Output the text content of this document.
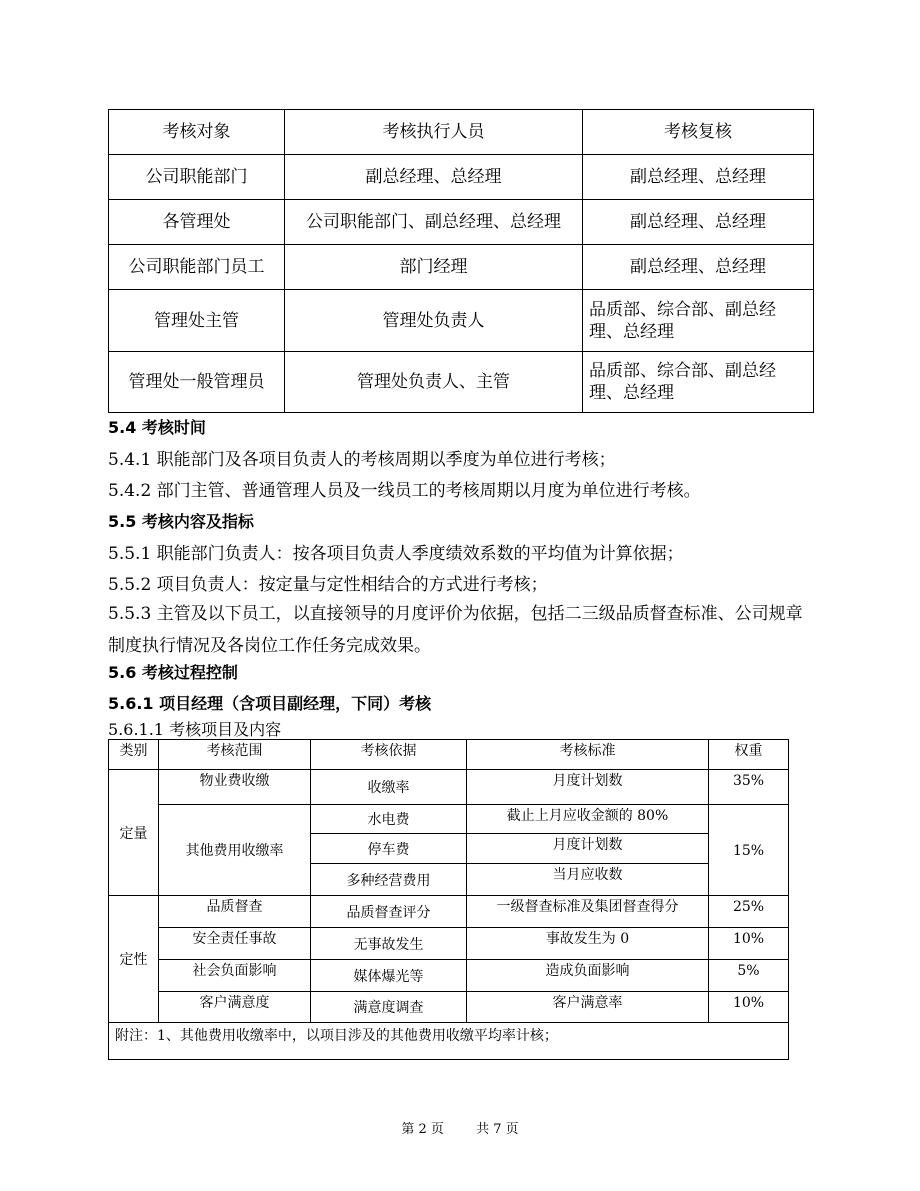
考核对象	考核执行人员	考核复核
公司职能部门	副总经理、总经理	副总经理、总经理
各管理处	公司职能部门、副总经理、总经理	副总经理、总经理
公司职能部门员工	部门经理	副总经理、总经理
管理处主管	管理处负责人	品质部、综合部、副总经理、总经理
管理处一般管理员	管理处负责人、主管	品质部、综合部、副总经理、总经理
5.4 考核时间
5.4.1 职能部门及各项目负责人的考核周期以季度为单位进行考核；
5.4.2 部门主管、普通管理人员及一线员工的考核周期以月度为单位进行考核。
5.5 考核内容及指标
5.5.1 职能部门负责人：按各项目负责人季度绩效系数的平均值为计算依据；
5.5.2 项目负责人：按定量与定性相结合的方式进行考核；
5.5.3 主管及以下员工，以直接领导的月度评价为依据，包括二三级品质督查标准、公司规章制度执行情况及各岗位工作任务完成效果。
5.6 考核过程控制
5.6.1 项目经理（含项目副经理，下同）考核
5.6.1.1 考核项目及内容
类别	考核范围	考核依据	考核标准	权重
定量	物业费收缴	收缴率	月度计划数	35%
	其他费用收缴率	水电费	截止上月应收金额的 80%	15%
		停车费	月度计划数	
		多种经营费用	当月应收数	
定性	品质督查	品质督查评分	一级督查标准及集团督查得分	25%
	安全责任事故	无事故发生	事故发生为 0	10%
	社会负面影响	媒体爆光等	造成负面影响	5%
	客户满意度	满意度调查	客户满意率	10%
附注：1、其他费用收缴率中，以项目涉及的其他费用收缴平均率计核；				
第 2 页 共 7 页
